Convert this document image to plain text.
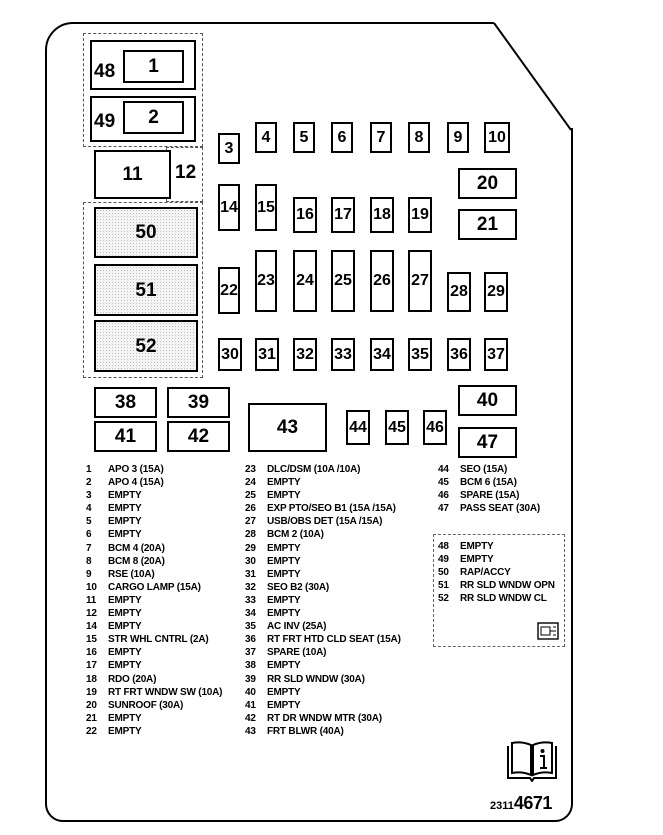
48	1
49	2
11	12
50
51
52
3
4	5	6	7	8	9	10
20
21
14 15 16 17 18 19
22
23 24 25 26 27
28 29
30 31 32 33 34 35 36 37
38	39
41	42	43	44 45 46
40
47
1	APO 3 (15A)
2	APO 4 (15A)
3	EMPTY
4	EMPTY
5	EMPTY
6	EMPTY
7	BCM 4 (20A)
8	BCM 8 (20A)
9	RSE (10A)
10	CARGO LAMP (15A)
11	EMPTY
12	EMPTY
14	EMPTY
15	STR WHL CNTRL (2A)
16	EMPTY
17	EMPTY
18	RDO (20A)
19	RT FRT WNDW SW (10A)
20	SUNROOF (30A)
21	EMPTY
22	EMPTY
23	DLC/DSM (10A /10A)
24	EMPTY
25	EMPTY
26	EXP PTO/SEO B1 (15A /15A)
27	USB/OBS DET (15A /15A)
28	BCM 2 (10A)
29	EMPTY
30	EMPTY
31	EMPTY
32	SEO B2 (30A)
33	EMPTY
34	EMPTY
35	AC INV (25A)
36	RT FRT HTD CLD SEAT (15A)
37	SPARE (10A)
38	EMPTY
39	RR SLD WNDW (30A)
40	EMPTY
41	EMPTY
42	RT DR WNDW MTR (30A)
43	FRT BLWR (40A)
44	SEO (15A)
45	BCM 6 (15A)
46	SPARE (15A)
47	PASS SEAT (30A)
48	EMPTY
49	EMPTY
50	RAP/ACCY
51	RR SLD WNDW OPN
52	RR SLD WNDW CL
23114671
